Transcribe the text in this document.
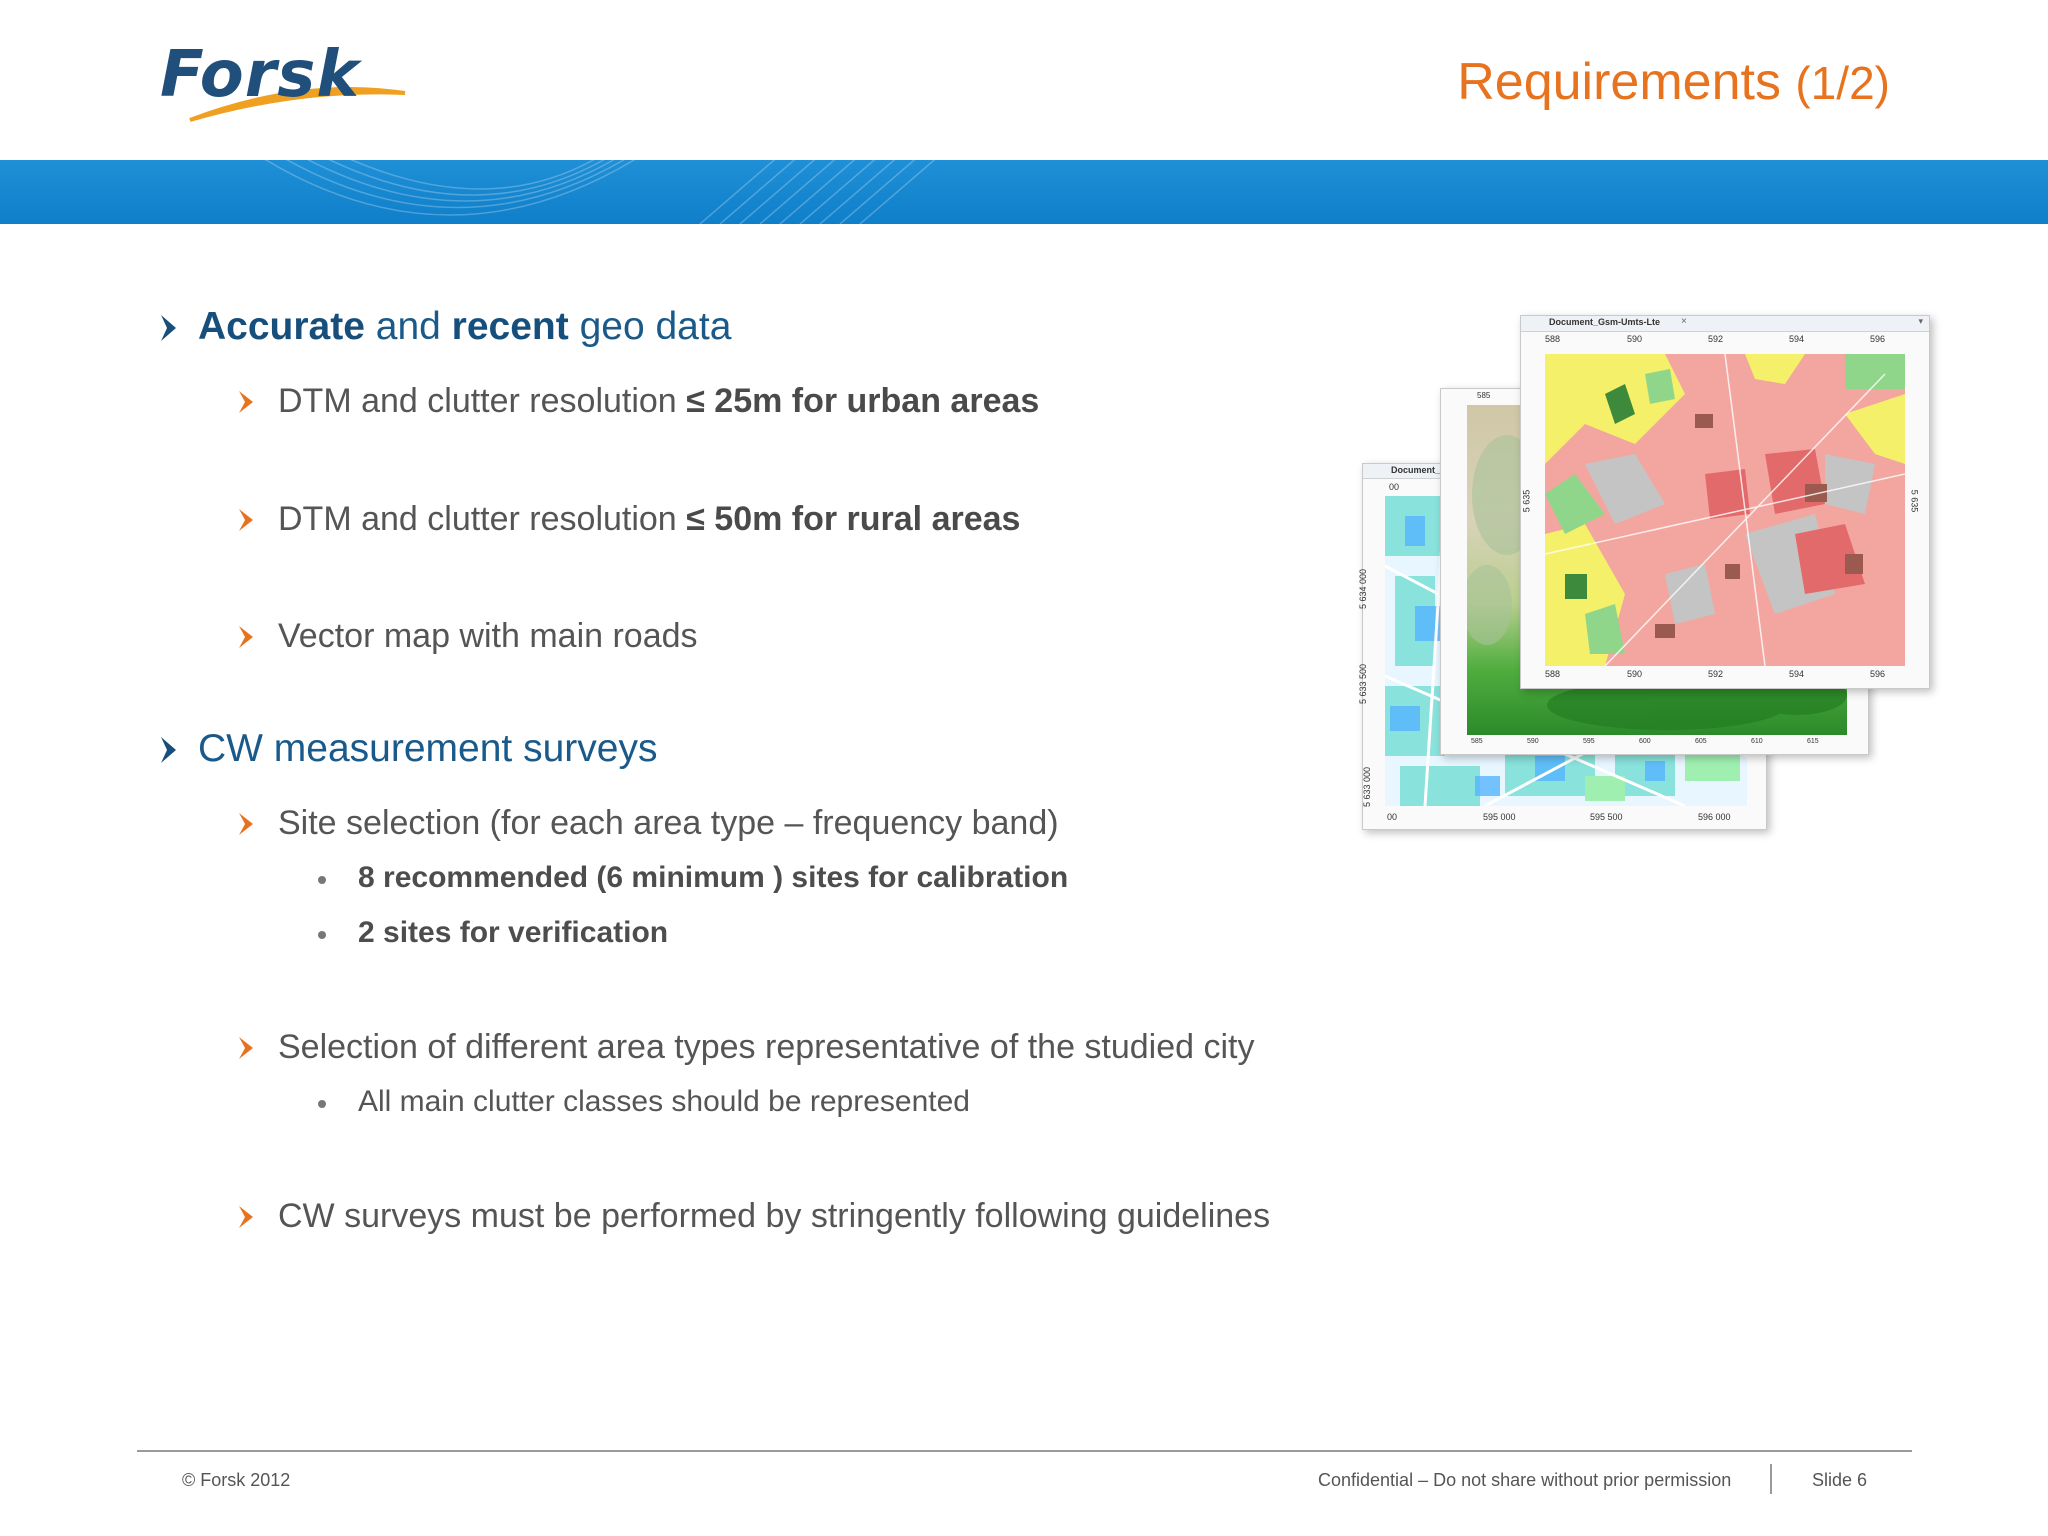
Forsk	Requirements (1/2)
Accurate and recent geo data
DTM and clutter resolution ≤ 25m for urban areas
DTM and clutter resolution ≤ 50m for rural areas
Vector map with main roads
CW measurement surveys
Site selection (for each area type – frequency band)
8 recommended (6 minimum ) sites for calibration
2 sites for verification
Selection of different area types representative of the studied city
All main clutter classes should be represented
CW surveys must be performed by stringently following guidelines
Document_
00
00	595 000	595 500	596 000
5 634 000
5 633 500
5 633 000
585
585	590	595	600	605	610	615
Document_Gsm-Umts-Lte ×	▾
588	590	592	594	596
5 635	5 635
588	590	592	594	596
© Forsk 2012	Confidential – Do not share without prior permission	Slide 6
